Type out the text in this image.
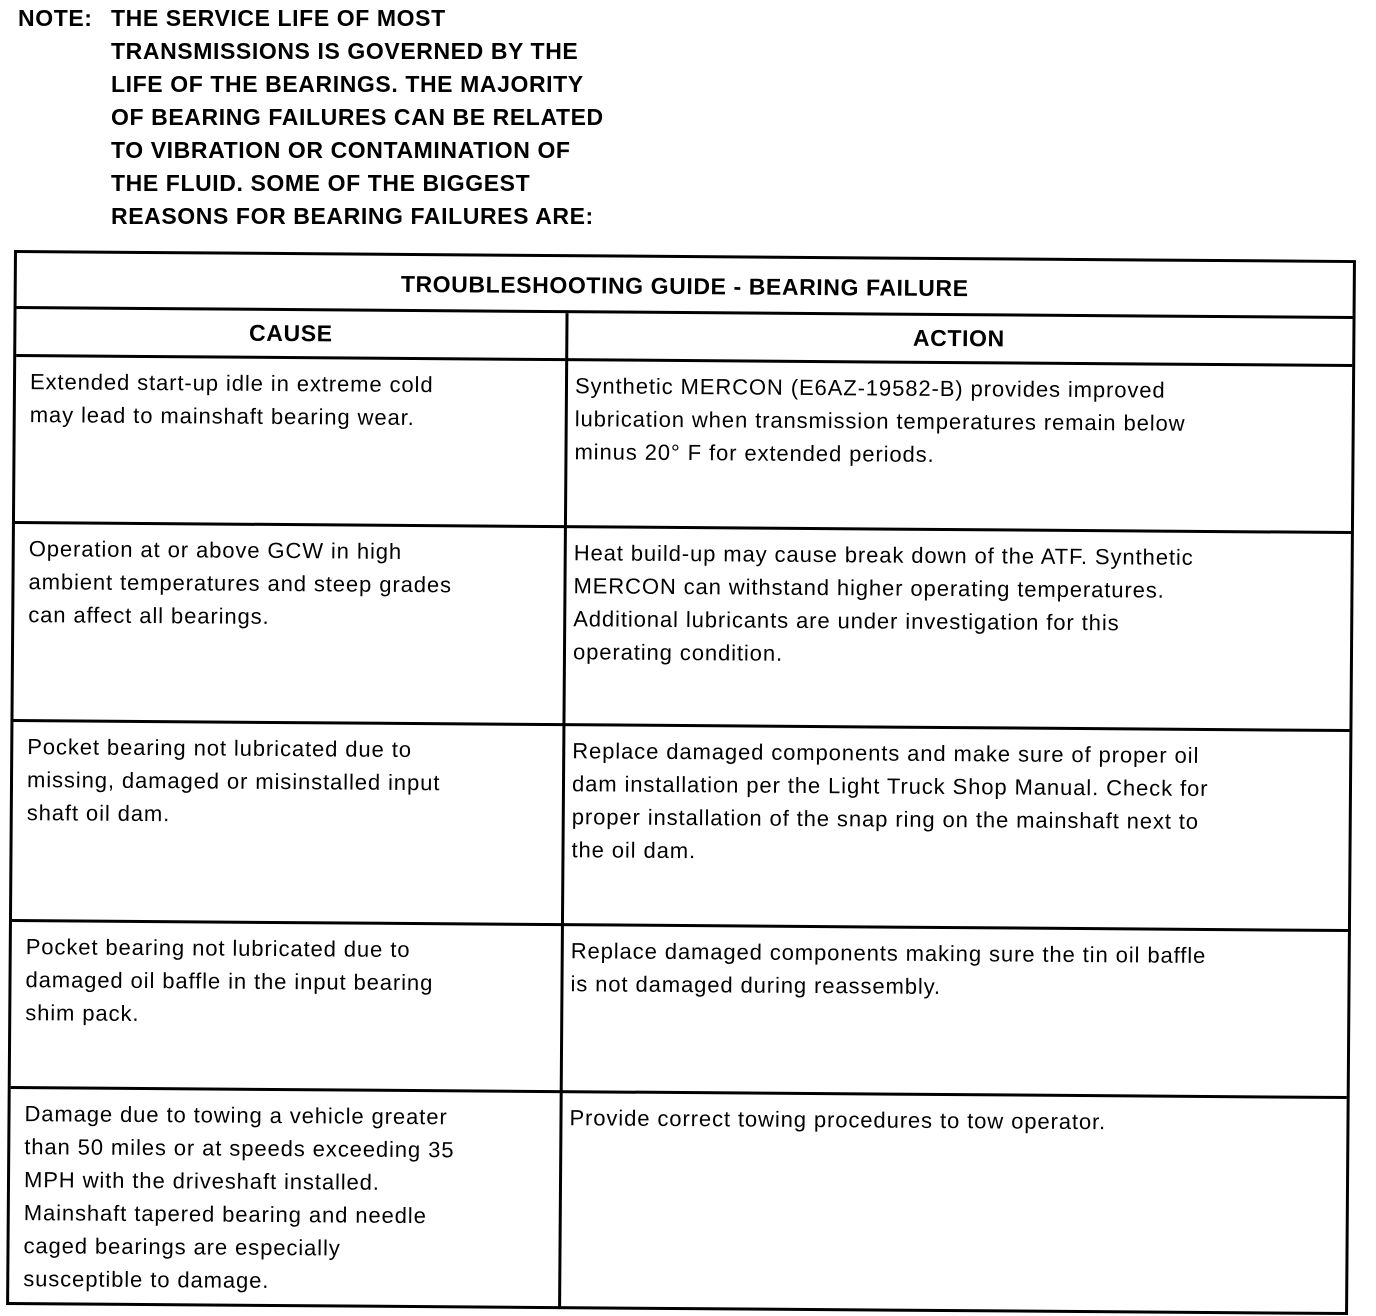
NOTE: THE SERVICE LIFE OF MOST
TRANSMISSIONS IS GOVERNED BY THE
LIFE OF THE BEARINGS. THE MAJORITY
OF BEARING FAILURES CAN BE RELATED
TO VIBRATION OR CONTAMINATION OF
THE FLUID. SOME OF THE BIGGEST
REASONS FOR BEARING FAILURES ARE:
TROUBLESHOOTING GUIDE - BEARING FAILURE
CAUSE	ACTION
Extended start-up idle in extreme cold
may lead to mainshaft bearing wear.
Synthetic MERCON (E6AZ-19582-B) provides improved
lubrication when transmission temperatures remain below
minus 20° F for extended periods.
Operation at or above GCW in high
ambient temperatures and steep grades
can affect all bearings.
Heat build-up may cause break down of the ATF. Synthetic
MERCON can withstand higher operating temperatures.
Additional lubricants are under investigation for this
operating condition.
Pocket bearing not lubricated due to
missing, damaged or misinstalled input
shaft oil dam.
Replace damaged components and make sure of proper oil
dam installation per the Light Truck Shop Manual. Check for
proper installation of the snap ring on the mainshaft next to
the oil dam.
Pocket bearing not lubricated due to
damaged oil baffle in the input bearing
shim pack.
Replace damaged components making sure the tin oil baffle
is not damaged during reassembly.
Damage due to towing a vehicle greater
than 50 miles or at speeds exceeding 35
MPH with the driveshaft installed.
Mainshaft tapered bearing and needle
caged bearings are especially
susceptible to damage.
Provide correct towing procedures to tow operator.
